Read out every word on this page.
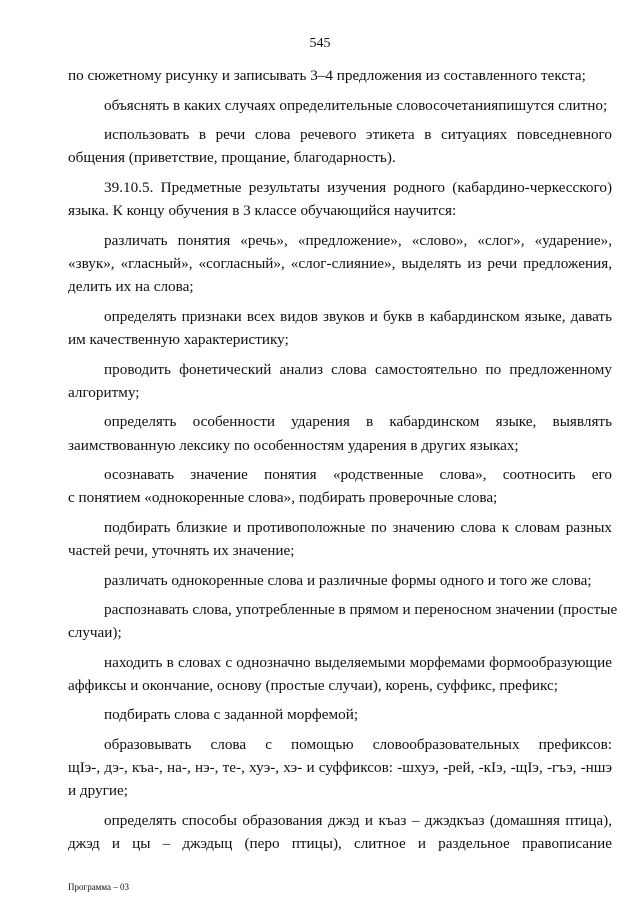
545
по сюжетному рисунку и записывать 3–4 предложения из составленного текста;
объяснять в каких случаях определительные словосочетанияпишутся слитно;
использовать в речи слова речевого этикета в ситуациях повседневного
общения (приветствие, прощание, благодарность).
39.10.5. Предметные результаты изучения родного (кабардино-черкесского)
языка. К концу обучения в 3 классе обучающийся научится:
различать понятия «речь», «предложение», «слово», «слог», «ударение»,
«звук», «гласный», «согласный», «слог-слияние», выделять из речи предложения,
делить их на слова;
определять признаки всех видов звуков и букв в кабардинском языке, давать
им качественную характеристику;
проводить фонетический анализ слова самостоятельно по предложенному
алгоритму;
определять особенности ударения в кабардинском языке, выявлять
заимствованную лексику по особенностям ударения в других языках;
осознавать значение понятия «родственные слова», соотносить его
с понятием «однокоренные слова», подбирать проверочные слова;
подбирать близкие и противоположные по значению слова к словам разных
частей речи, уточнять их значение;
различать однокоренные слова и различные формы одного и того же слова;
распознавать слова, употребленные в прямом и переносном значении (простые
случаи);
находить в словах с однозначно выделяемыми морфемами формообразующие
аффиксы и окончание, основу (простые случаи), корень, суффикс, префикс;
подбирать слова с заданной морфемой;
образовывать слова с помощью словообразовательных префиксов:
щIэ-, дэ-, къа-, на-, нэ-, те-, хуэ-, хэ- и суффиксов: -шхуэ, -рей, -кIэ, -щIэ, -гъэ, -ншэ
и другие;
определять способы образования джэд и къаз – джэдкъаз (домашняя птица),
джэд и цы – джэдыц (перо птицы), слитное и раздельное правописание
Программа – 03
